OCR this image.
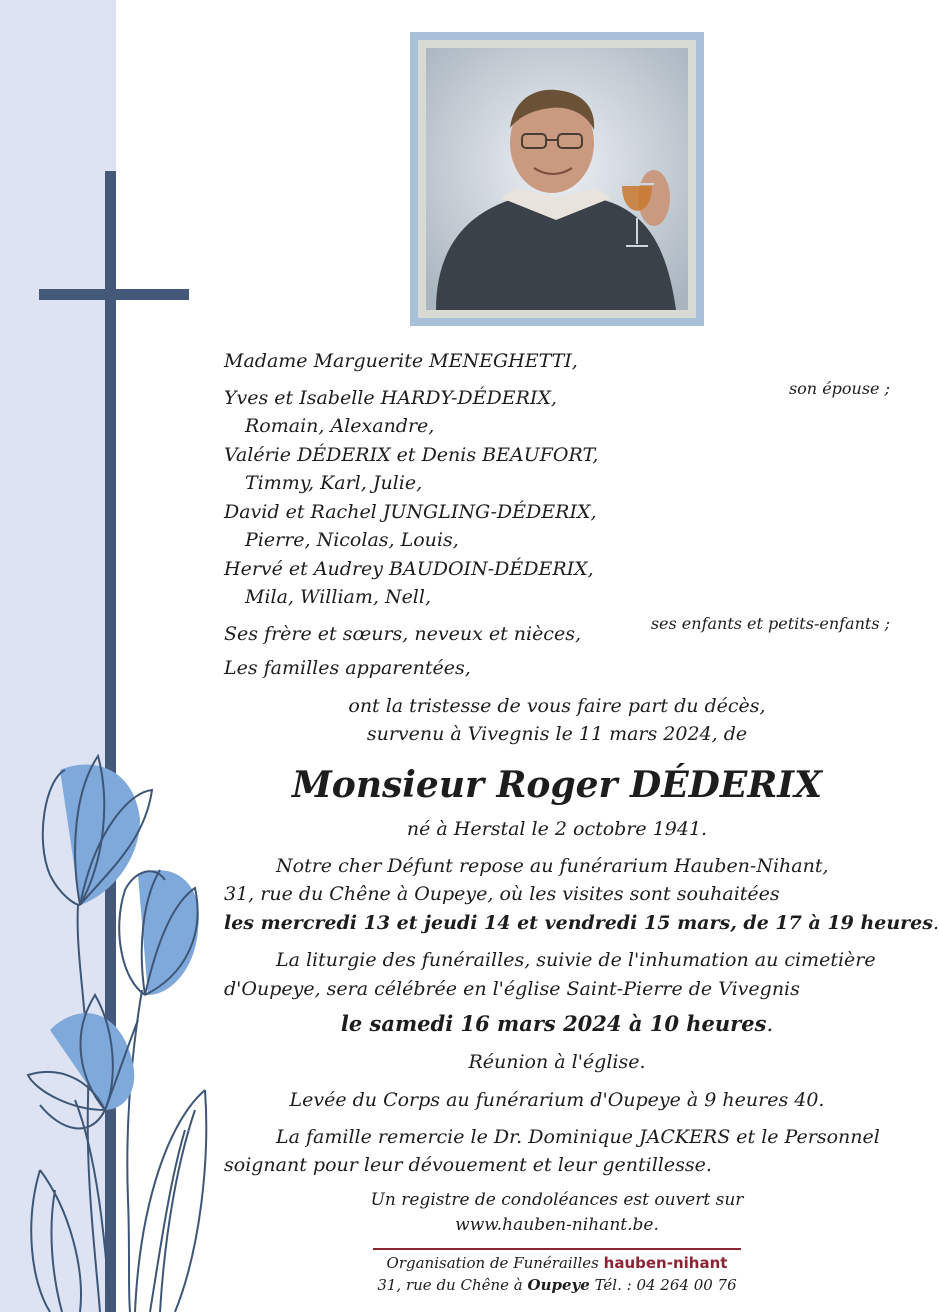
Madame Marguerite MENEGHETTI,

son épouse ;

Yves et Isabelle HARDY-DÉDERIX,

Romain, Alexandre,

Valérie DÉDERIX et Denis BEAUFORT,

Timmy, Karl, Julie,

David et Rachel JUNGLING-DÉDERIX,

Pierre, Nicolas, Louis,

Hervé et Audrey BAUDOIN-DÉDERIX,

Mila, William, Nell,

ses enfants et petits-enfants ;

Ses frère et sœurs, neveux et nièces,

Les familles apparentées,

ont la tristesse de vous faire part du décès,

survenu à Vivegnis le 11 mars 2024, de

Monsieur Roger DÉDERIX

né à Herstal le 2 octobre 1941.

Notre cher Défunt repose au funérarium Hauben-Nihant,

31, rue du Chêne à Oupeye, où les visites sont souhaitées

les mercredi 13 et jeudi 14 et vendredi 15 mars, de 17 à 19 heures.

La liturgie des funérailles, suivie de l'inhumation au cimetière

d'Oupeye, sera célébrée en l'église Saint-Pierre de Vivegnis

le samedi 16 mars 2024 à 10 heures.

Réunion à l'église.

Levée du Corps au funérarium d'Oupeye à 9 heures 40.

La famille remercie le Dr. Dominique JACKERS et le Personnel

soignant pour leur dévouement et leur gentillesse.

Un registre de condoléances est ouvert sur

www.hauben-nihant.be.

Organisation de Funérailles hauben-nihant
31, rue du Chêne à Oupeye Tél. : 04 264 00 76
